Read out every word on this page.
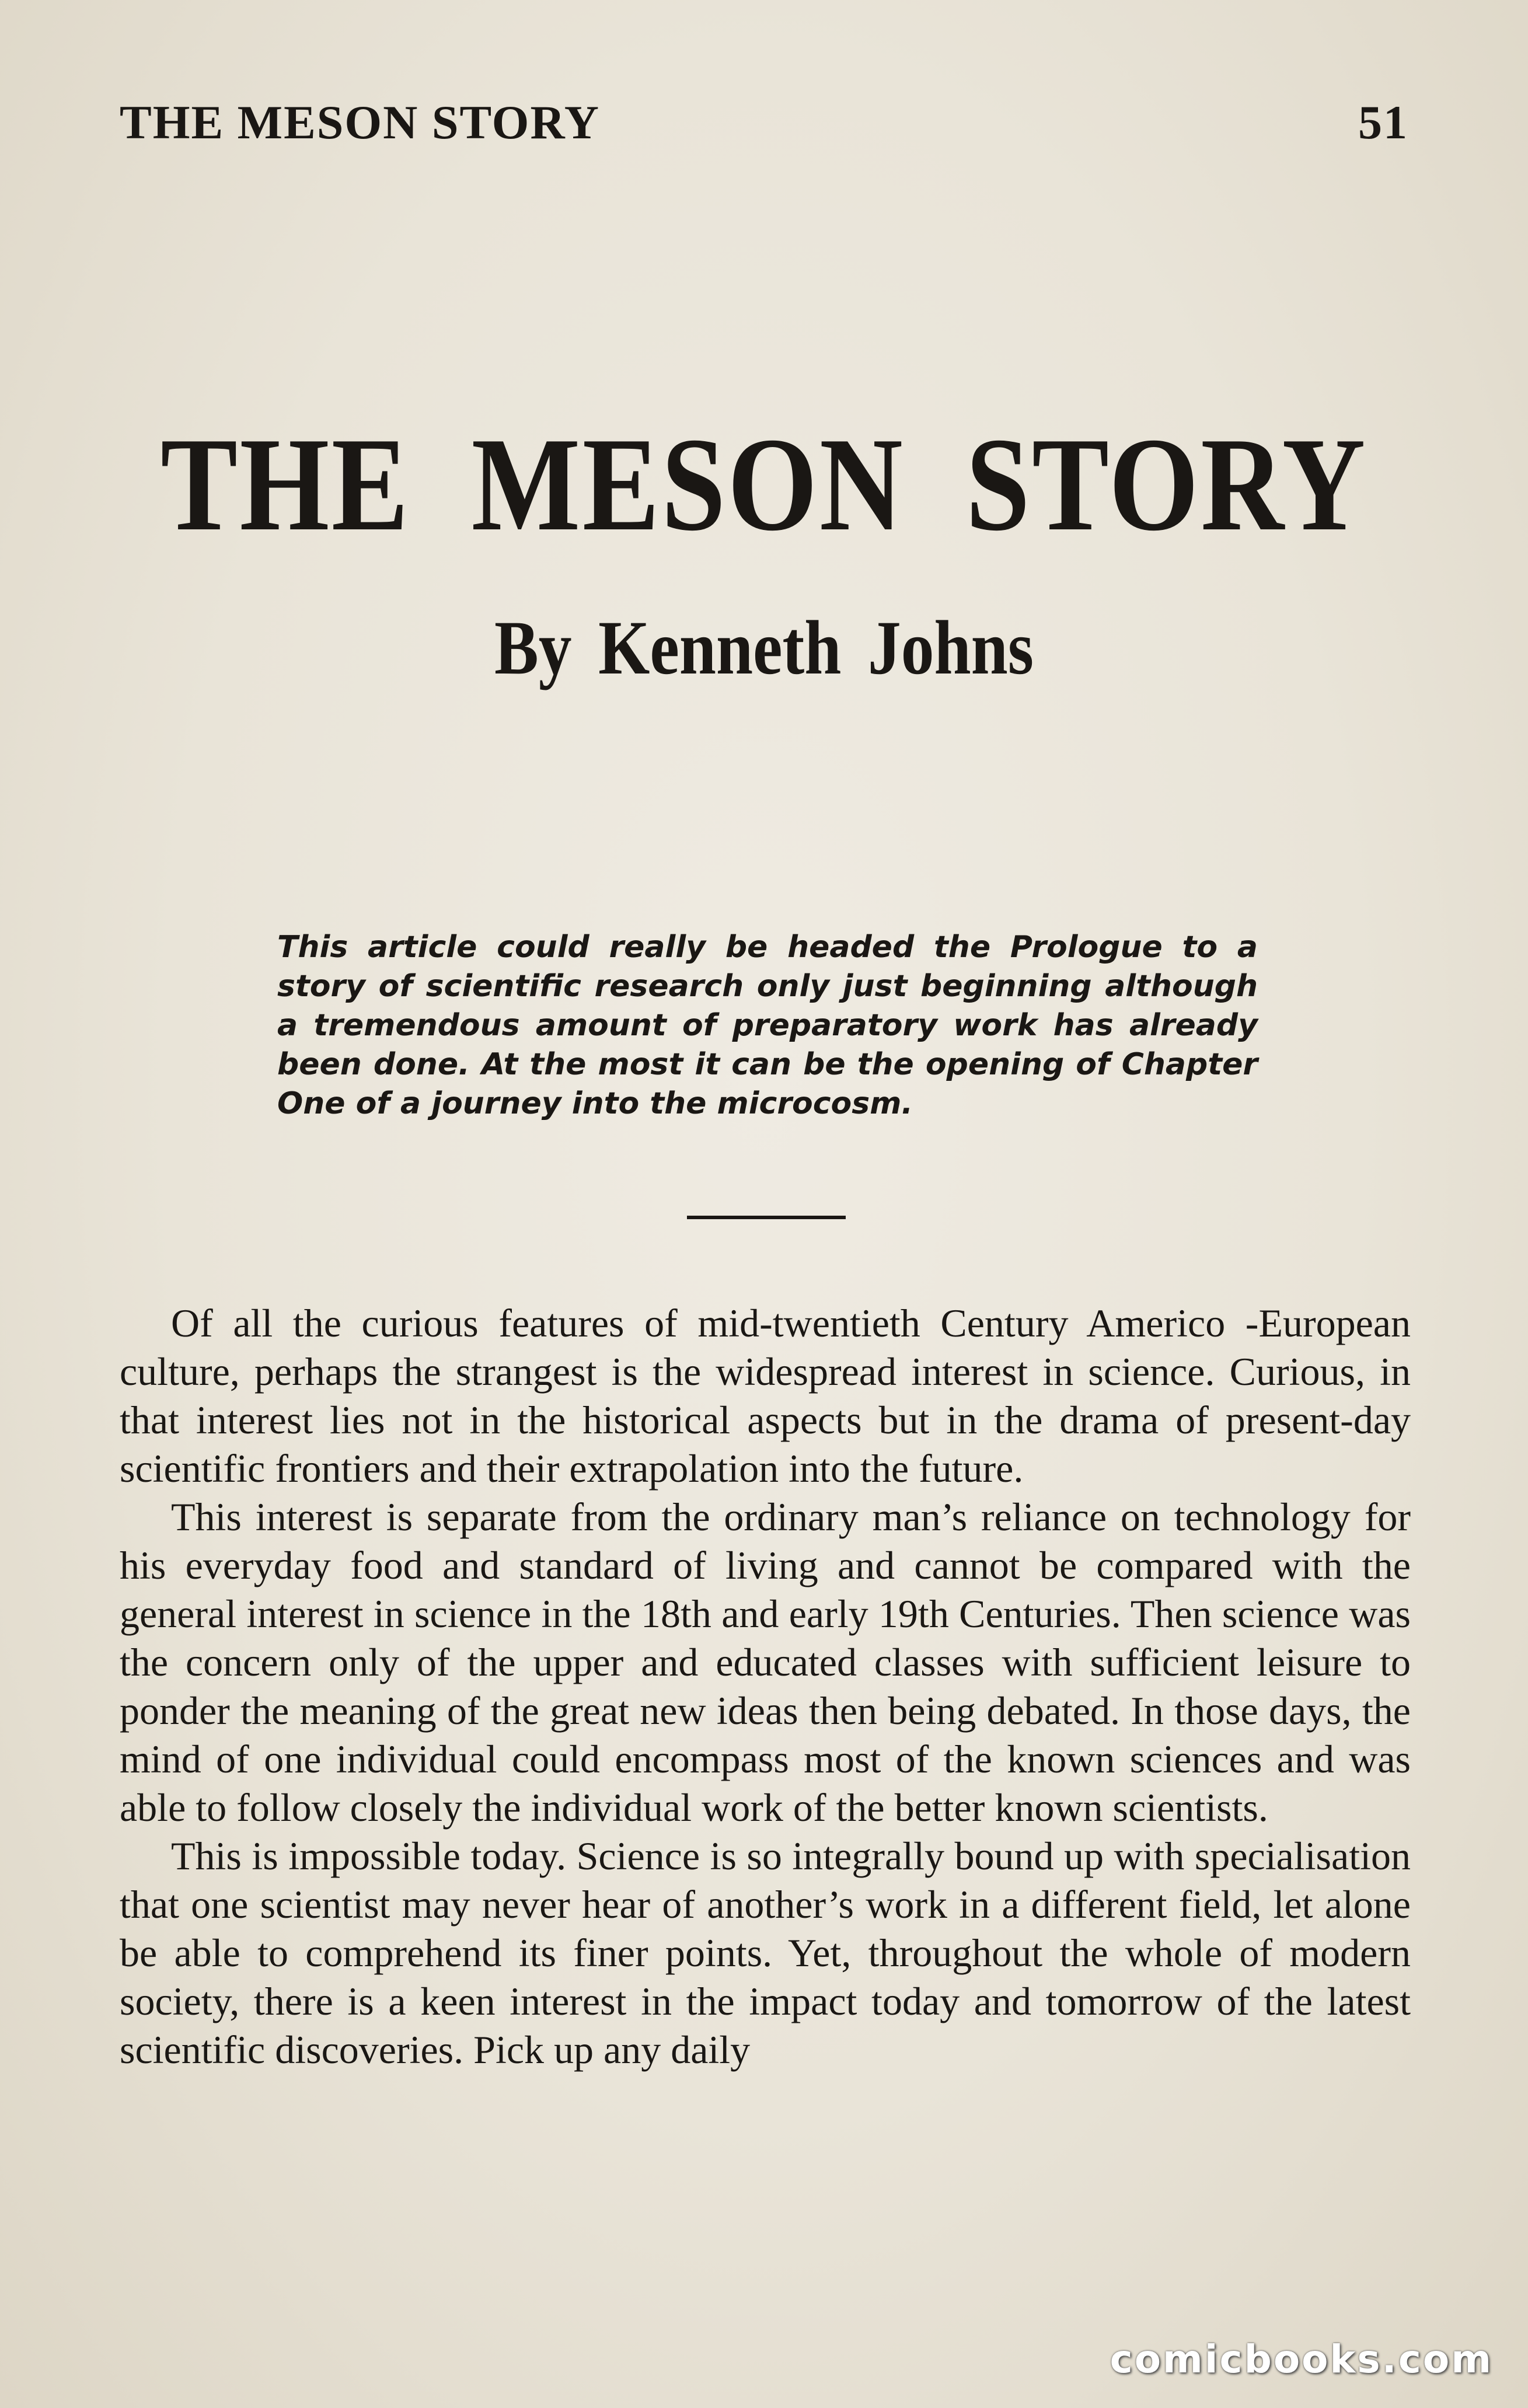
THE MESON STORY	51
THE MESON STORY
By Kenneth Johns
This article could really be headed the Prologue to a story of scientific research only just beginning although a tremendous amount of preparatory work has already been done. At the most it can be the opening of Chapter One of a journey into the microcosm.

Of all the curious features of mid-twentieth Century Americo -European culture, perhaps the strangest is the widespread interest in science. Curious, in that interest lies not in the historical aspects but in the drama of present-day scientific frontiers and their extrapolation into the future.

This interest is separate from the ordinary man’s reliance on technology for his everyday food and standard of living and cannot be compared with the general interest in science in the 18th and early 19th Centuries. Then science was the concern only of the upper and educated classes with sufficient leisure to ponder the meaning of the great new ideas then being debated. In those days, the mind of one individual could encompass most of the known sciences and was able to follow closely the individual work of the better known scientists.

This is impossible today. Science is so integrally bound up with specialisation that one scientist may never hear of another’s work in a different field, let alone be able to comprehend its finer points. Yet, throughout the whole of modern society, there is a keen interest in the impact today and tomorrow of the latest scientific discoveries. Pick up any daily

comicbooks.com
